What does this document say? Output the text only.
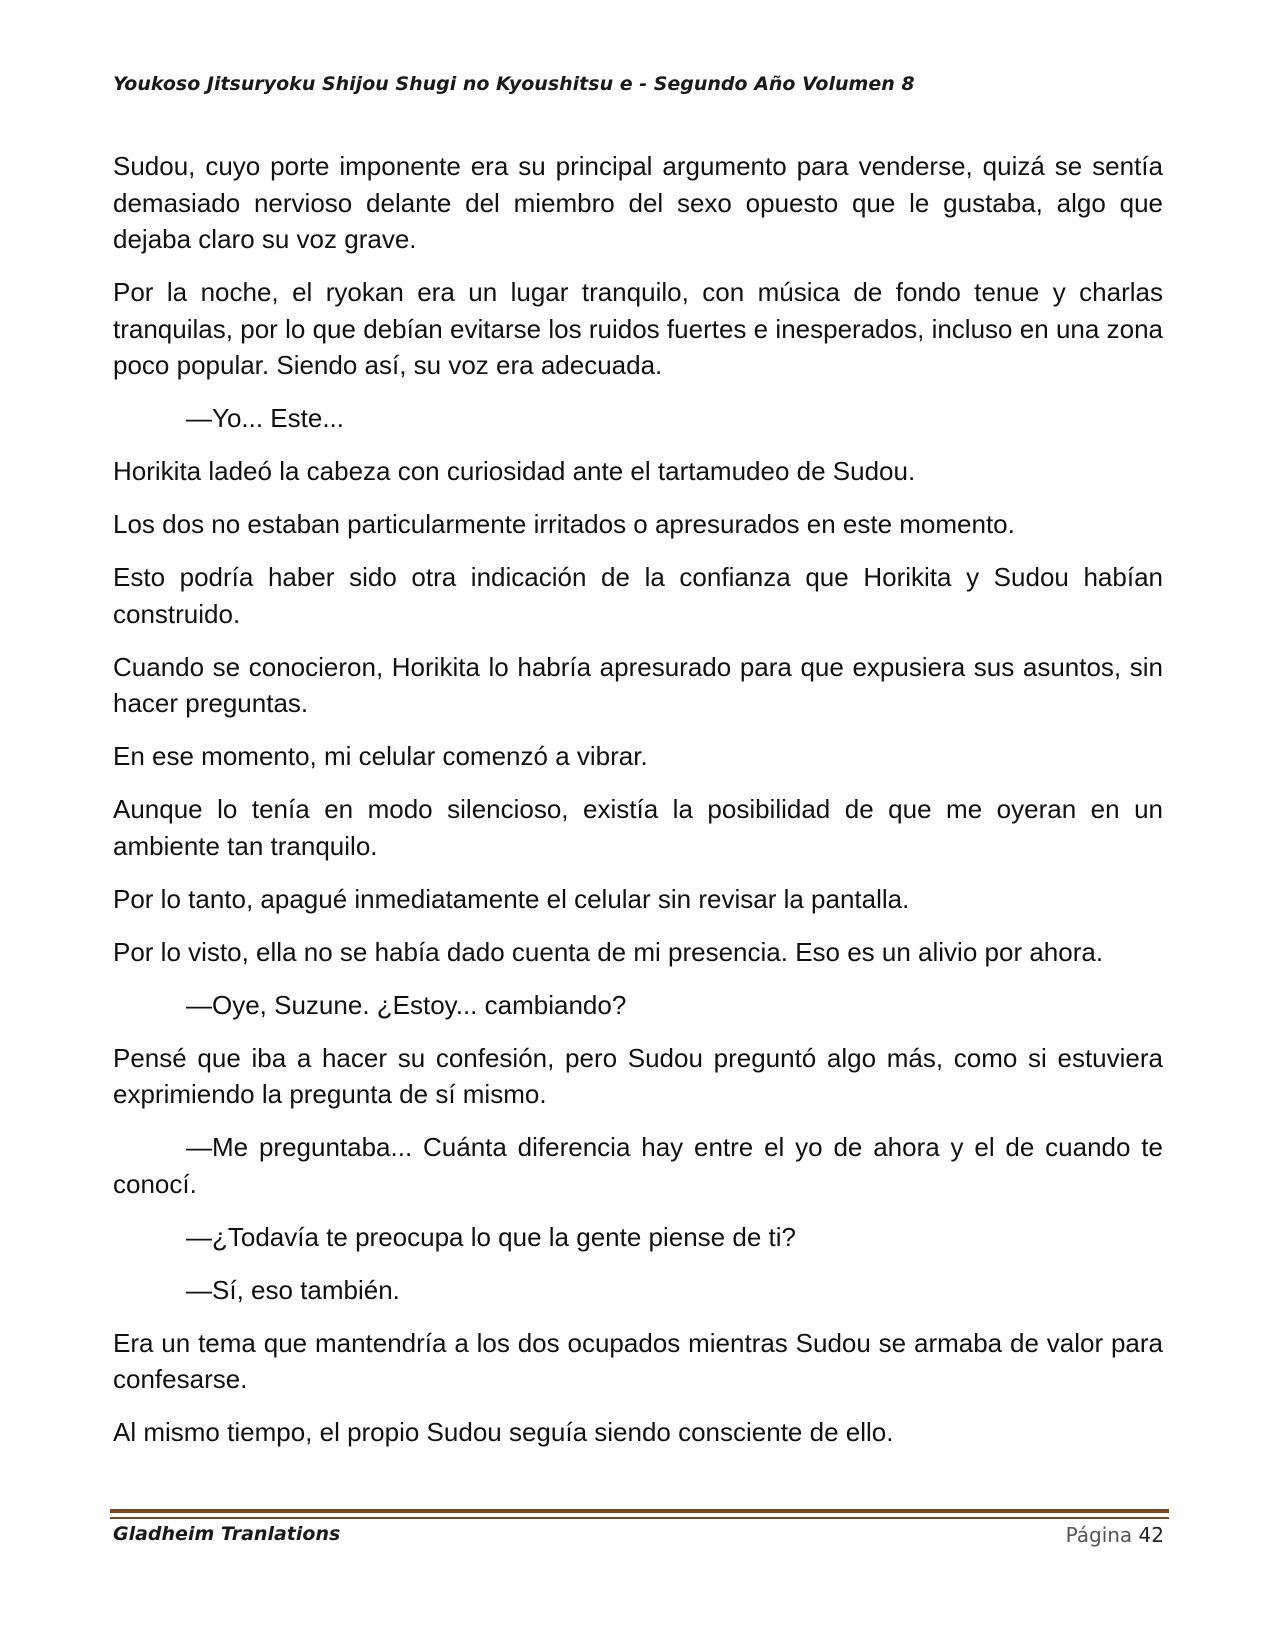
Youkoso Jitsuryoku Shijou Shugi no Kyoushitsu e - Segundo Año Volumen 8

Sudou, cuyo porte imponente era su principal argumento para venderse, quizá se sentía demasiado nervioso delante del miembro del sexo opuesto que le gustaba, algo que dejaba claro su voz grave.

Por la noche, el ryokan era un lugar tranquilo, con música de fondo tenue y charlas tranquilas, por lo que debían evitarse los ruidos fuertes e inesperados, incluso en una zona poco popular. Siendo así, su voz era adecuada.

—Yo... Este...

Horikita ladeó la cabeza con curiosidad ante el tartamudeo de Sudou.

Los dos no estaban particularmente irritados o apresurados en este momento.

Esto podría haber sido otra indicación de la confianza que Horikita y Sudou habían construido.

Cuando se conocieron, Horikita lo habría apresurado para que expusiera sus asuntos, sin hacer preguntas.

En ese momento, mi celular comenzó a vibrar.

Aunque lo tenía en modo silencioso, existía la posibilidad de que me oyeran en un ambiente tan tranquilo.

Por lo tanto, apagué inmediatamente el celular sin revisar la pantalla.

Por lo visto, ella no se había dado cuenta de mi presencia. Eso es un alivio por ahora.

—Oye, Suzune. ¿Estoy... cambiando?

Pensé que iba a hacer su confesión, pero Sudou preguntó algo más, como si estuviera exprimiendo la pregunta de sí mismo.

—Me preguntaba... Cuánta diferencia hay entre el yo de ahora y el de cuando te conocí.

—¿Todavía te preocupa lo que la gente piense de ti?

—Sí, eso también.

Era un tema que mantendría a los dos ocupados mientras Sudou se armaba de valor para confesarse.

Al mismo tiempo, el propio Sudou seguía siendo consciente de ello.

Gladheim Tranlations	Página 42
